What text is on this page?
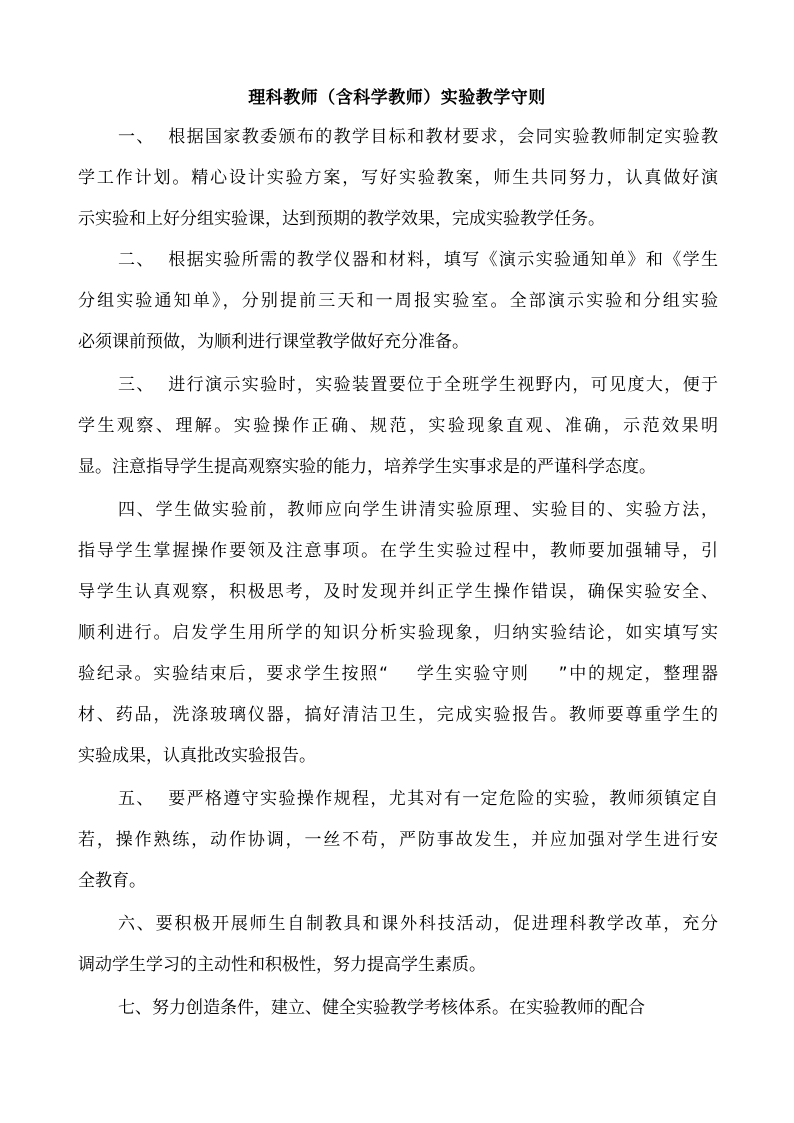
理科教师（含科学教师）实验教学守则
一、  根据国家教委颁布的教学目标和教材要求，会同实验教师制定实验教
学工作计划。精心设计实验方案，写好实验教案，师生共同努力，认真做好演
示实验和上好分组实验课，达到预期的教学效果，完成实验教学任务。
二、  根据实验所需的教学仪器和材料，填写《演示实验通知单》和《学生
分组实验通知单》，分别提前三天和一周报实验室。全部演示实验和分组实验
必须课前预做，为顺利进行课堂教学做好充分准备。
三、  进行演示实验时，实验装置要位于全班学生视野内，可见度大，便于
学生观察、理解。实验操作正确、规范，实验现象直观、准确，示范效果明
显。注意指导学生提高观察实验的能力，培养学生实事求是的严谨科学态度。
四、学生做实验前，教师应向学生讲清实验原理、实验目的、实验方法，
指导学生掌握操作要领及注意事项。在学生实验过程中，教师要加强辅导，引
导学生认真观察，积极思考，及时发现并纠正学生操作错误，确保实验安全、
顺利进行。启发学生用所学的知识分析实验现象，归纳实验结论，如实填写实
验纪录。实验结束后，要求学生按照“    学生实验守则    ”中的规定，整理器
材、药品，洗涤玻璃仪器，搞好清洁卫生，完成实验报告。教师要尊重学生的
实验成果，认真批改实验报告。
五、  要严格遵守实验操作规程，尤其对有一定危险的实验，教师须镇定自
若，操作熟练，动作协调，一丝不苟，严防事故发生，并应加强对学生进行安
全教育。
六、要积极开展师生自制教具和课外科技活动，促进理科教学改革，充分
调动学生学习的主动性和积极性，努力提高学生素质。
七、努力创造条件，建立、健全实验教学考核体系。在实验教师的配合
